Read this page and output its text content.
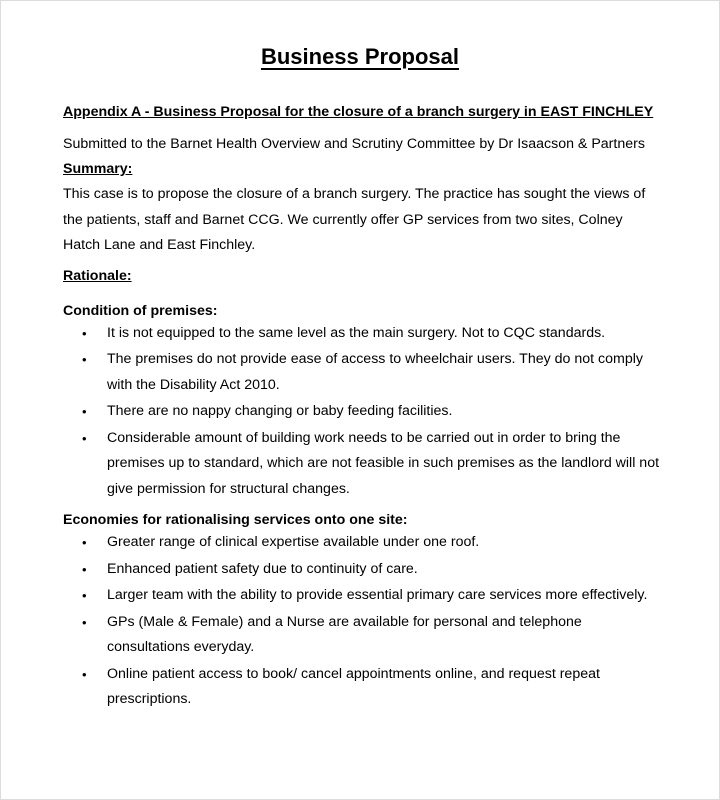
Business Proposal

Appendix A - Business Proposal for the closure of a branch surgery in EAST FINCHLEY

Submitted to the Barnet Health Overview and Scrutiny Committee by Dr Isaacson & Partners

Summary:

This case is to propose the closure of a branch surgery. The practice has sought the views of the patients, staff and Barnet CCG. We currently offer GP services from two sites, Colney Hatch Lane and East Finchley.

Rationale:

Condition of premises:

• It is not equipped to the same level as the main surgery. Not to CQC standards.
• The premises do not provide ease of access to wheelchair users. They do not comply with the Disability Act 2010.
• There are no nappy changing or baby feeding facilities.
• Considerable amount of building work needs to be carried out in order to bring the premises up to standard, which are not feasible in such premises as the landlord will not give permission for structural changes.

Economies for rationalising services onto one site:

• Greater range of clinical expertise available under one roof.
• Enhanced patient safety due to continuity of care.
• Larger team with the ability to provide essential primary care services more effectively.
• GPs (Male & Female) and a Nurse are available for personal and telephone consultations everyday.
• Online patient access to book/ cancel appointments online, and request repeat prescriptions.
